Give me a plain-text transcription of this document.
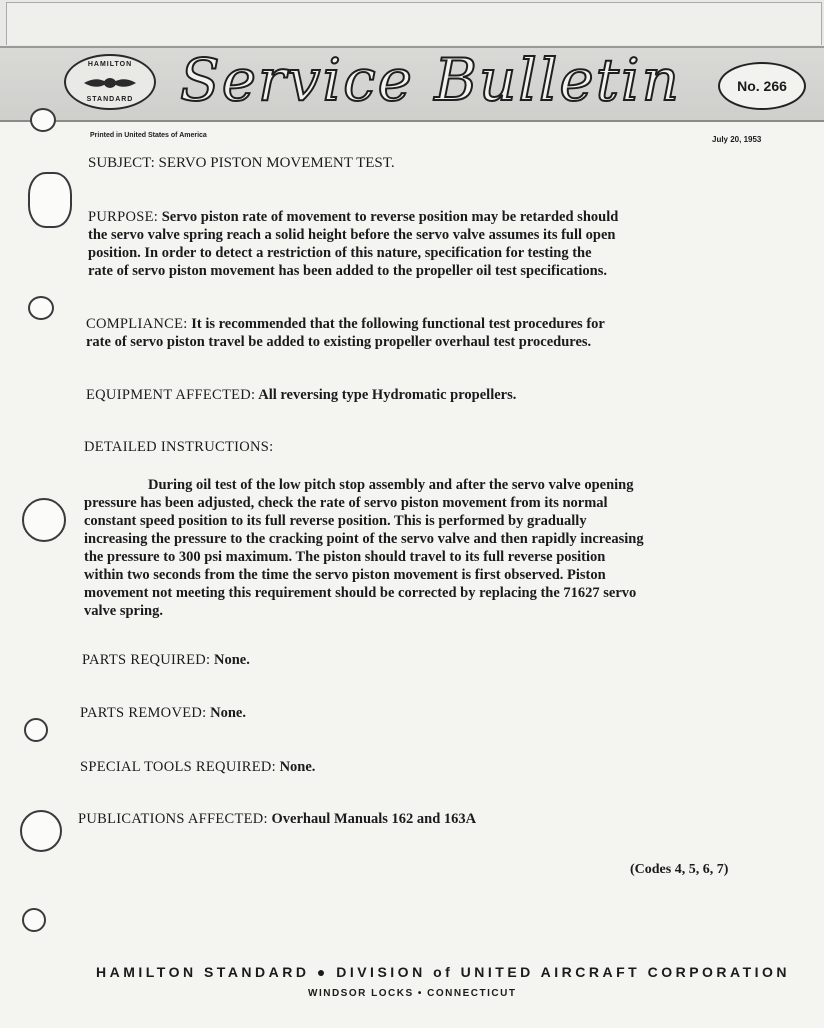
HAMILTON
STANDARD Service Bulletin	No. 266
Printed in United States of America	July 20, 1953
SUBJECT: SERVO PISTON MOVEMENT TEST.
PURPOSE: Servo piston rate of movement to reverse position may be retarded should
the servo valve spring reach a solid height before the servo valve assumes its full open
position. In order to detect a restriction of this nature, specification for testing the
rate of servo piston movement has been added to the propeller oil test specifications.
COMPLIANCE: It is recommended that the following functional test procedures for
rate of servo piston travel be added to existing propeller overhaul test procedures.
EQUIPMENT AFFECTED: All reversing type Hydromatic propellers.
DETAILED INSTRUCTIONS:
During oil test of the low pitch stop assembly and after the servo valve opening
pressure has been adjusted, check the rate of servo piston movement from its normal
constant speed position to its full reverse position. This is performed by gradually
increasing the pressure to the cracking point of the servo valve and then rapidly increasing
the pressure to 300 psi maximum. The piston should travel to its full reverse position
within two seconds from the time the servo piston movement is first observed. Piston
movement not meeting this requirement should be corrected by replacing the 71627 servo
valve spring.
PARTS REQUIRED: None.
PARTS REMOVED: None.
SPECIAL TOOLS REQUIRED: None.
PUBLICATIONS AFFECTED: Overhaul Manuals 162 and 163A
(Codes 4, 5, 6, 7)
HAMILTON STANDARD ● DIVISION of UNITED AIRCRAFT CORPORATION
WINDSOR LOCKS • CONNECTICUT
